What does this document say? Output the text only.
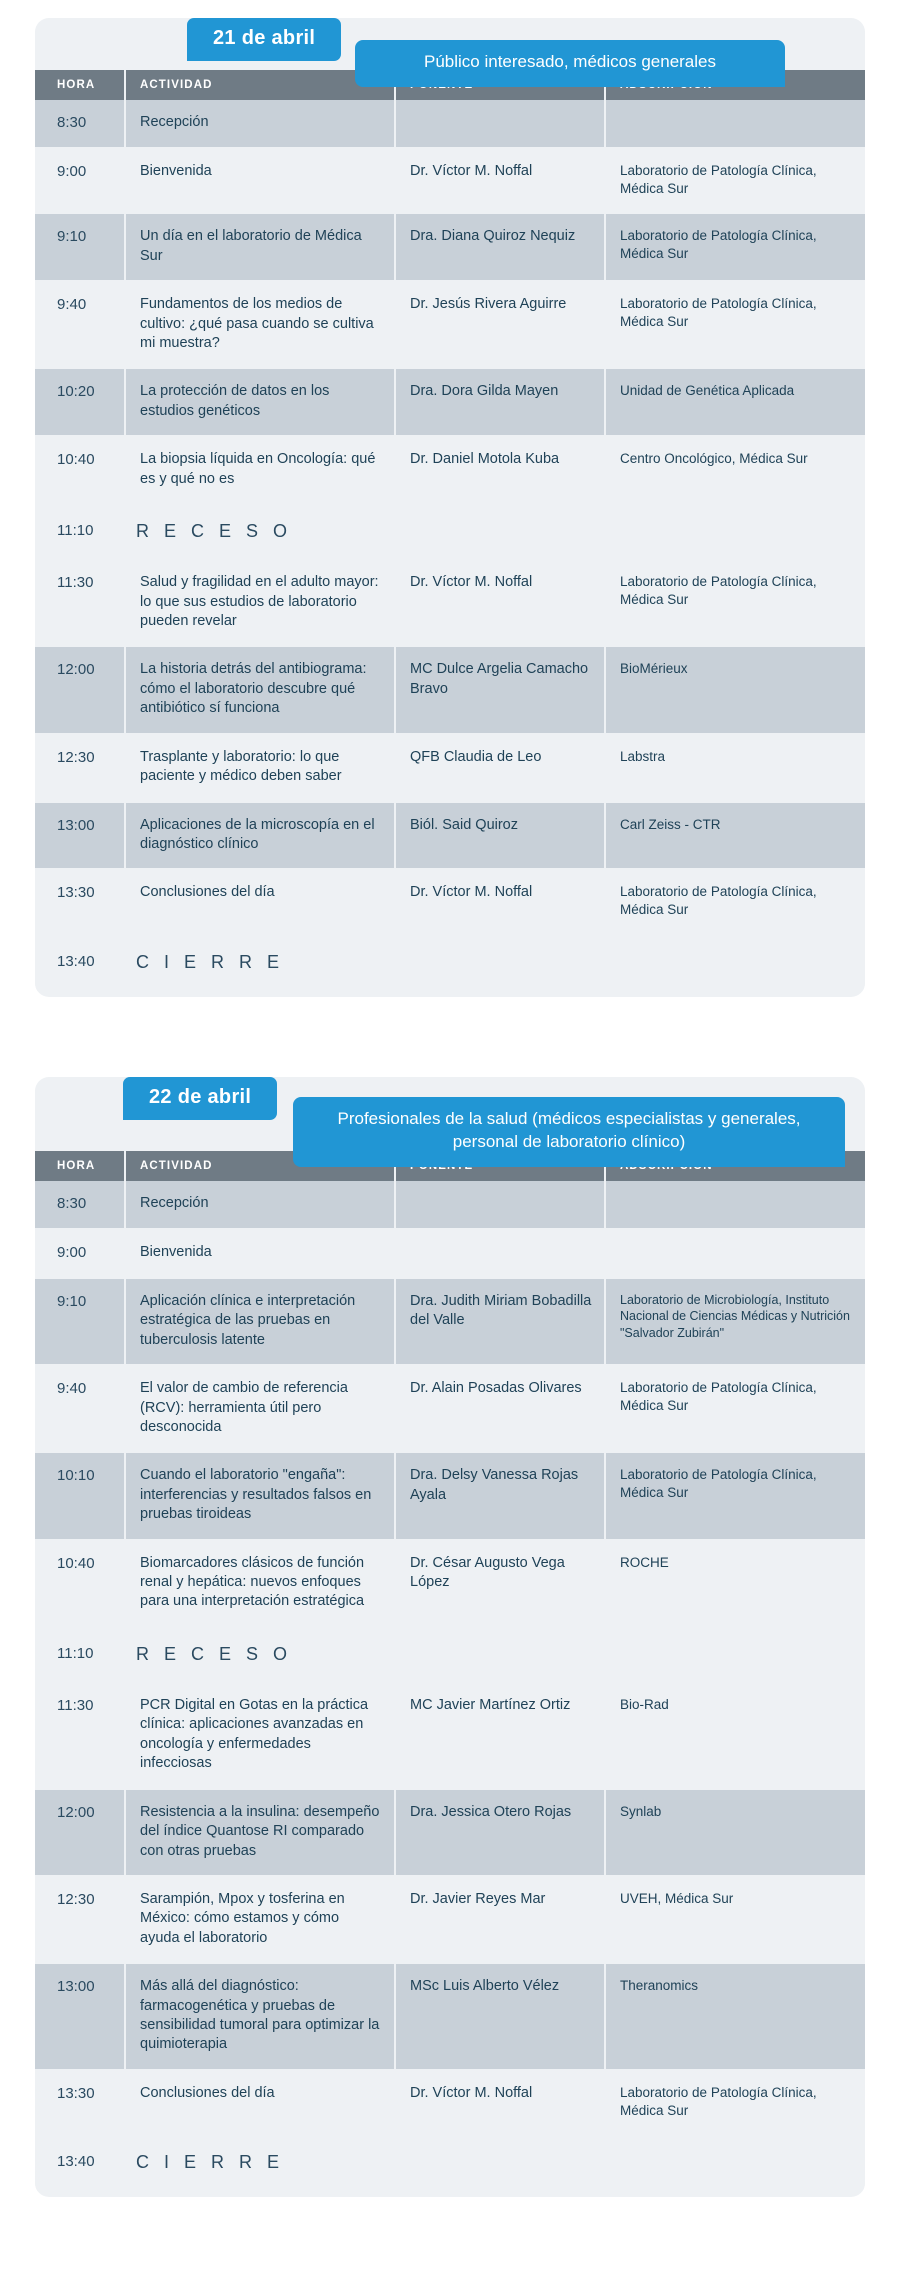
21 de abril
Público interesado, médicos generales
HORA	ACTIVIDAD		
8:30	Recepción		
9:00	Bienvenida	Dr. Víctor M. Noffal	Laboratorio de Patología Clínica, Médica Sur
9:10	Un día en el laboratorio de Médica Sur	Dra. Diana Quiroz Nequiz	Laboratorio de Patología Clínica, Médica Sur
9:40	Fundamentos de los medios de cultivo: ¿qué pasa cuando se cultiva mi muestra?	Dr. Jesús Rivera Aguirre	Laboratorio de Patología Clínica, Médica Sur
10:20	La protección de datos en los estudios genéticos	Dra. Dora Gilda Mayen	Unidad de Genética Aplicada
10:40	La biopsia líquida en Oncología: qué es y qué no es	Dr. Daniel Motola Kuba	Centro Oncológico, Médica Sur
11:10	R E C E S O		
11:30	Salud y fragilidad en el adulto mayor: lo que sus estudios de laboratorio pueden revelar	Dr. Víctor M. Noffal	Laboratorio de Patología Clínica, Médica Sur
12:00	La historia detrás del antibiograma: cómo el laboratorio descubre qué antibiótico sí funciona	MC Dulce Argelia Camacho Bravo	BioMérieux
12:30	Trasplante y laboratorio: lo que paciente y médico deben saber	QFB Claudia de Leo	Labstra
13:00	Aplicaciones de la microscopía en el diagnóstico clínico	Biól. Said Quiroz	Carl Zeiss - CTR
13:30	Conclusiones del día	Dr. Víctor M. Noffal	Laboratorio de Patología Clínica, Médica Sur
13:40	C I E R R E		
22 de abril
Profesionales de la salud (médicos especialistas y generales, personal de laboratorio clínico)
HORA	ACTIVIDAD		
8:30	Recepción		
9:00	Bienvenida		
9:10	Aplicación clínica e interpretación estratégica de las pruebas en tuberculosis latente	Dra. Judith Miriam Bobadilla del Valle	Laboratorio de Microbiología, Instituto Nacional de Ciencias Médicas y Nutrición "Salvador Zubirán"
9:40	El valor de cambio de referencia (RCV): herramienta útil pero desconocida	Dr. Alain Posadas Olivares	Laboratorio de Patología Clínica, Médica Sur
10:10	Cuando el laboratorio "engaña": interferencias y resultados falsos en pruebas tiroideas	Dra. Delsy Vanessa Rojas Ayala	Laboratorio de Patología Clínica, Médica Sur
10:40	Biomarcadores clásicos de función renal y hepática: nuevos enfoques para una interpretación estratégica	Dr. César Augusto Vega López	ROCHE
11:10	R E C E S O		
11:30	PCR Digital en Gotas en la práctica clínica: aplicaciones avanzadas en oncología y enfermedades infecciosas	MC Javier Martínez Ortiz	Bio-Rad
12:00	Resistencia a la insulina: desempeño del índice Quantose RI comparado con otras pruebas	Dra. Jessica Otero Rojas	Synlab
12:30	Sarampión, Mpox y tosferina en México: cómo estamos y cómo ayuda el laboratorio	Dr. Javier Reyes Mar	UVEH, Médica Sur
13:00	Más allá del diagnóstico: farmacogenética y pruebas de sensibilidad tumoral para optimizar la quimioterapia	MSc Luis Alberto Vélez	Theranomics
13:30	Conclusiones del día	Dr. Víctor M. Noffal	Laboratorio de Patología Clínica, Médica Sur
13:40	C I E R R E		
